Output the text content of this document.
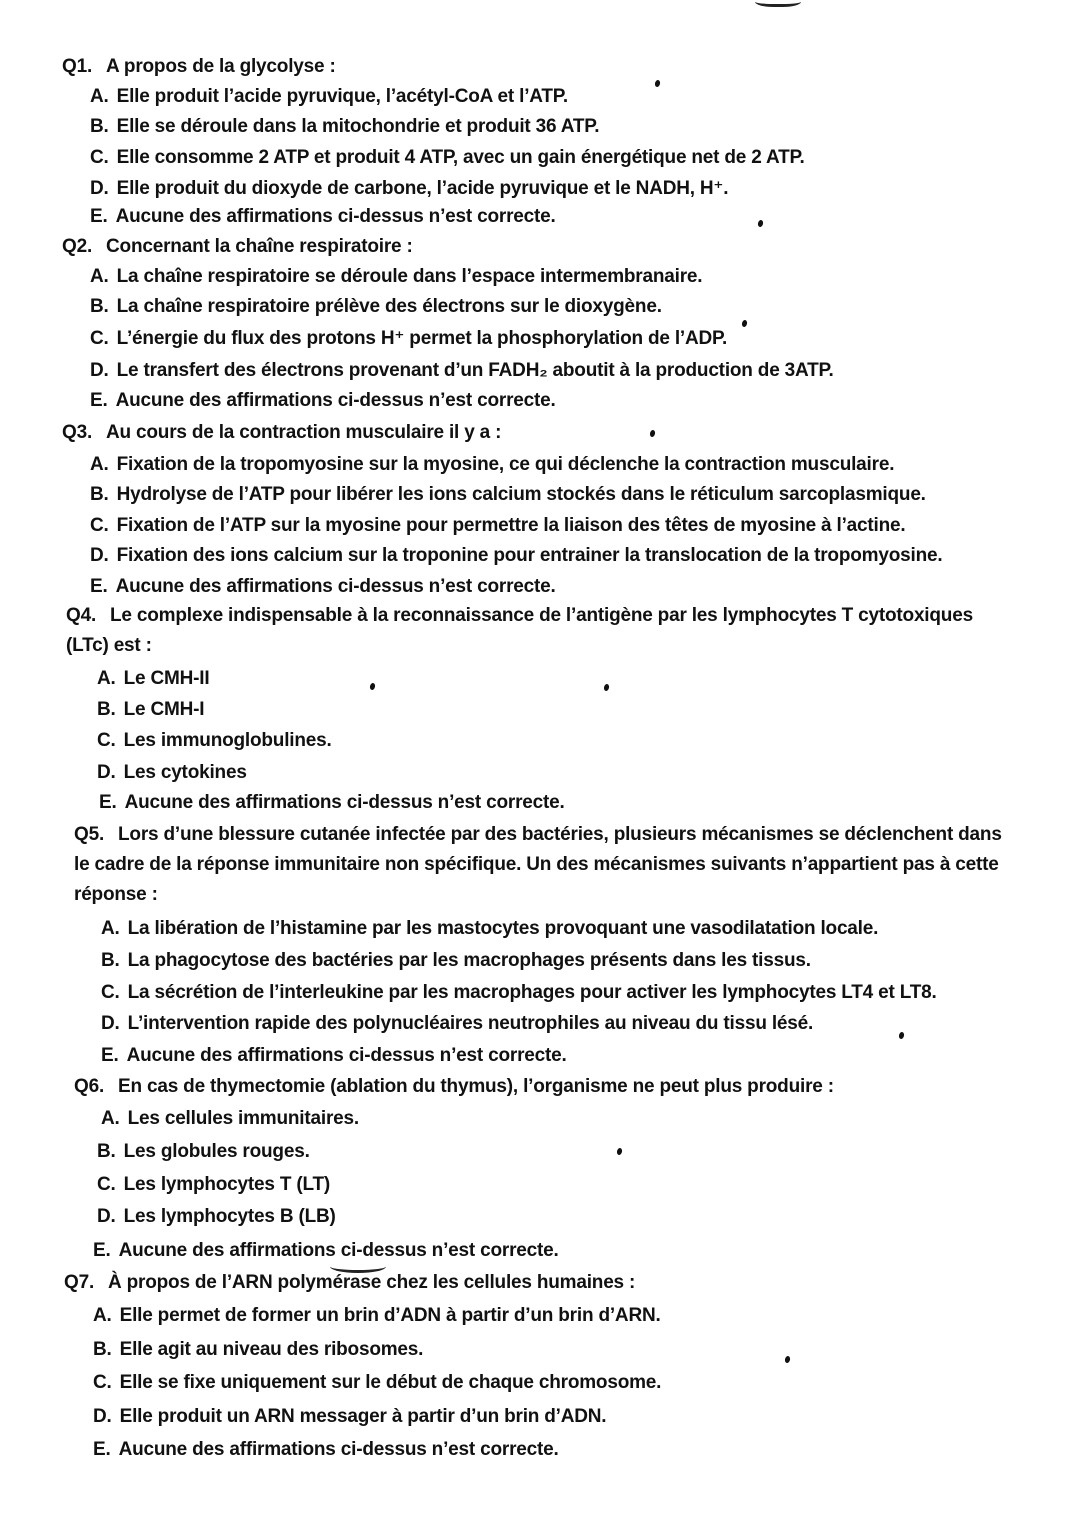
Q1. A propos de la glycolyse :
A. Elle produit l’acide pyruvique, l’acétyl-CoA et l’ATP.
B. Elle se déroule dans la mitochondrie et produit 36 ATP.
C. Elle consomme 2 ATP et produit 4 ATP, avec un gain énergétique net de 2 ATP.
D. Elle produit du dioxyde de carbone, l’acide pyruvique et le NADH, H⁺.
E. Aucune des affirmations ci-dessus n’est correcte.
Q2. Concernant la chaîne respiratoire :
A. La chaîne respiratoire se déroule dans l’espace intermembranaire.
B. La chaîne respiratoire prélève des électrons sur le dioxygène.
C. L’énergie du flux des protons H⁺ permet la phosphorylation de l’ADP.
D. Le transfert des électrons provenant d’un FADH₂ aboutit à la production de 3ATP.
E. Aucune des affirmations ci-dessus n’est correcte.
Q3. Au cours de la contraction musculaire il y a :
A. Fixation de la tropomyosine sur la myosine, ce qui déclenche la contraction musculaire.
B. Hydrolyse de l’ATP pour libérer les ions calcium stockés dans le réticulum sarcoplasmique.
C. Fixation de l’ATP sur la myosine pour permettre la liaison des têtes de myosine à l’actine.
D. Fixation des ions calcium sur la troponine pour entrainer la translocation de la tropomyosine.
E. Aucune des affirmations ci-dessus n’est correcte.
Q4. Le complexe indispensable à la reconnaissance de l’antigène par les lymphocytes T cytotoxiques (LTc) est :
A. Le CMH-II
B. Le CMH-I
C. Les immunoglobulines.
D. Les cytokines
E. Aucune des affirmations ci-dessus n’est correcte.
Q5. Lors d’une blessure cutanée infectée par des bactéries, plusieurs mécanismes se déclenchent dans le cadre de la réponse immunitaire non spécifique. Un des mécanismes suivants n’appartient pas à cette réponse :
A. La libération de l’histamine par les mastocytes provoquant une vasodilatation locale.
B. La phagocytose des bactéries par les macrophages présents dans les tissus.
C. La sécrétion de l’interleukine par les macrophages pour activer les lymphocytes LT4 et LT8.
D. L’intervention rapide des polynucléaires neutrophiles au niveau du tissu lésé.
E. Aucune des affirmations ci-dessus n’est correcte.
Q6. En cas de thymectomie (ablation du thymus), l’organisme ne peut plus produire :
A. Les cellules immunitaires.
B. Les globules rouges.
C. Les lymphocytes T (LT)
D. Les lymphocytes B (LB)
E. Aucune des affirmations ci-dessus n’est correcte.
Q7. À propos de l’ARN polymérase chez les cellules humaines :
A. Elle permet de former un brin d’ADN à partir d’un brin d’ARN.
B. Elle agit au niveau des ribosomes.
C. Elle se fixe uniquement sur le début de chaque chromosome.
D. Elle produit un ARN messager à partir d’un brin d’ADN.
E. Aucune des affirmations ci-dessus n’est correcte.
